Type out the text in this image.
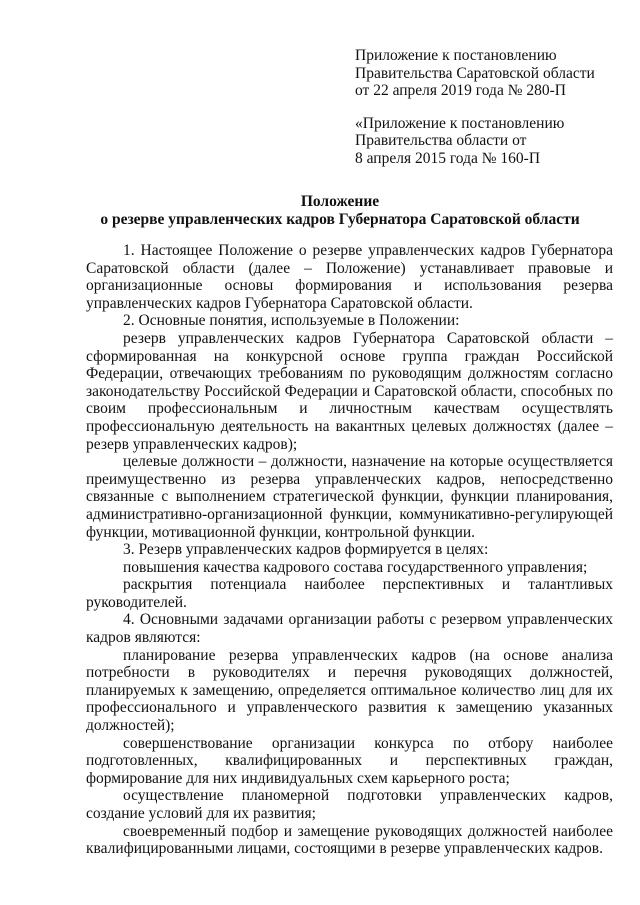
Приложение к постановлению
Правительства Саратовской области
от 22 апреля 2019 года № 280-П
«Приложение к постановлению
Правительства области от
8 апреля 2015 года № 160-П
Положение
о резерве управленческих кадров Губернатора Саратовской области

1. Настоящее Положение о резерве управленческих кадров Губернатора Саратовской области (далее – Положение) устанавливает правовые и организационные основы формирования и использования резерва управленческих кадров Губернатора Саратовской области.

2. Основные понятия, используемые в Положении:

резерв управленческих кадров Губернатора Саратовской области – сформированная на конкурсной основе группа граждан Российской Федерации, отвечающих требованиям по руководящим должностям согласно законодательству Российской Федерации и Саратовской области, способных по своим профессиональным и личностным качествам осуществлять профессиональную деятельность на вакантных целевых должностях (далее – резерв управленческих кадров);

целевые должности – должности, назначение на которые осуществляется преимущественно из резерва управленческих кадров, непосредственно связанные с выполнением стратегической функции, функции планирования, административно-организационной функции, коммуникативно-регулирующей функции, мотивационной функции, контрольной функции.

3. Резерв управленческих кадров формируется в целях:

повышения качества кадрового состава государственного управления;

раскрытия потенциала наиболее перспективных и талантливых руководителей.

4. Основными задачами организации работы с резервом управленческих кадров являются:

планирование резерва управленческих кадров (на основе анализа потребности в руководителях и перечня руководящих должностей, планируемых к замещению, определяется оптимальное количество лиц для их профессионального и управленческого развития к замещению указанных должностей);

совершенствование организации конкурса по отбору наиболее подготовленных, квалифицированных и перспективных граждан, формирование для них индивидуальных схем карьерного роста;

осуществление планомерной подготовки управленческих кадров, создание условий для их развития;

своевременный подбор и замещение руководящих должностей наиболее квалифицированными лицами, состоящими в резерве управленческих кадров.
